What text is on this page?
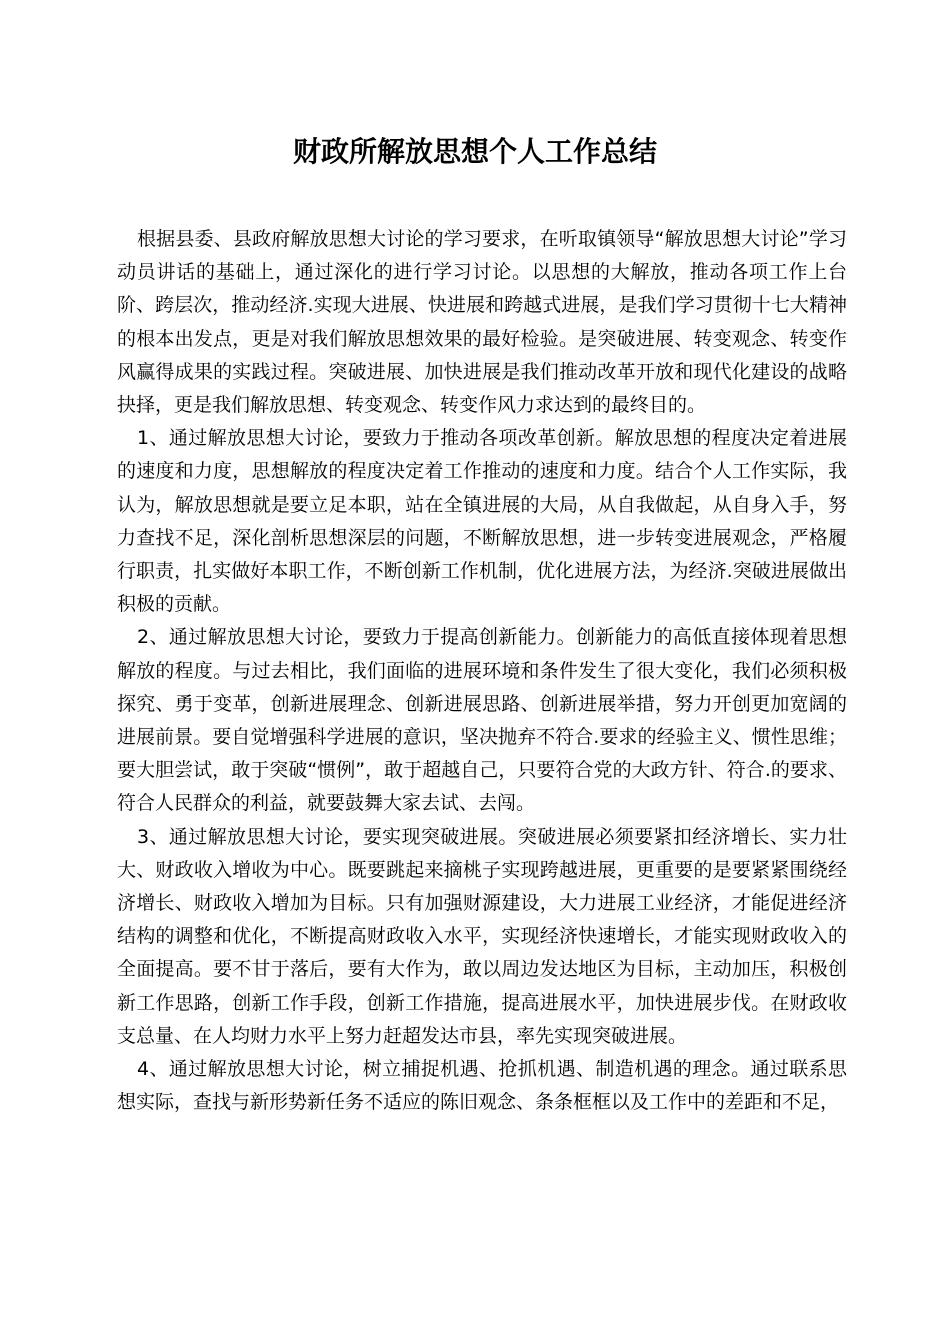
财政所解放思想个人工作总结

根据县委、县政府解放思想大讨论的学习要求，在听取镇领导“解放思想大讨论”学习动员讲话的基础上，通过深化的进行学习讨论。以思想的大解放，推动各项工作上台阶、跨层次，推动经济.实现大进展、快进展和跨越式进展，是我们学习贯彻十七大精神的根本出发点，更是对我们解放思想效果的最好检验。是突破进展、转变观念、转变作风赢得成果的实践过程。突破进展、加快进展是我们推动改革开放和现代化建设的战略抉择，更是我们解放思想、转变观念、转变作风力求达到的最终目的。

1、通过解放思想大讨论，要致力于推动各项改革创新。解放思想的程度决定着进展的速度和力度，思想解放的程度决定着工作推动的速度和力度。结合个人工作实际，我认为，解放思想就是要立足本职，站在全镇进展的大局，从自我做起，从自身入手，努力查找不足，深化剖析思想深层的问题，不断解放思想，进一步转变进展观念，严格履行职责，扎实做好本职工作，不断创新工作机制，优化进展方法，为经济.突破进展做出积极的贡献。

2、通过解放思想大讨论，要致力于提高创新能力。创新能力的高低直接体现着思想解放的程度。与过去相比，我们面临的进展环境和条件发生了很大变化，我们必须积极探究、勇于变革，创新进展理念、创新进展思路、创新进展举措，努力开创更加宽阔的进展前景。要自觉增强科学进展的意识，坚决抛弃不符合.要求的经验主义、惯性思维；要大胆尝试，敢于突破“惯例”，敢于超越自己，只要符合党的大政方针、符合.的要求、符合人民群众的利益，就要鼓舞大家去试、去闯。

3、通过解放思想大讨论，要实现突破进展。突破进展必须要紧扣经济增长、实力壮大、财政收入增收为中心。既要跳起来摘桃子实现跨越进展，更重要的是要紧紧围绕经济增长、财政收入增加为目标。只有加强财源建设，大力进展工业经济，才能促进经济结构的调整和优化，不断提高财政收入水平，实现经济快速增长，才能实现财政收入的全面提高。要不甘于落后，要有大作为，敢以周边发达地区为目标，主动加压，积极创新工作思路，创新工作手段，创新工作措施，提高进展水平，加快进展步伐。在财政收支总量、在人均财力水平上努力赶超发达市县，率先实现突破进展。

4、通过解放思想大讨论，树立捕捉机遇、抢抓机遇、制造机遇的理念。通过联系思想实际，查找与新形势新任务不适应的陈旧观念、条条框框以及工作中的差距和不足，
